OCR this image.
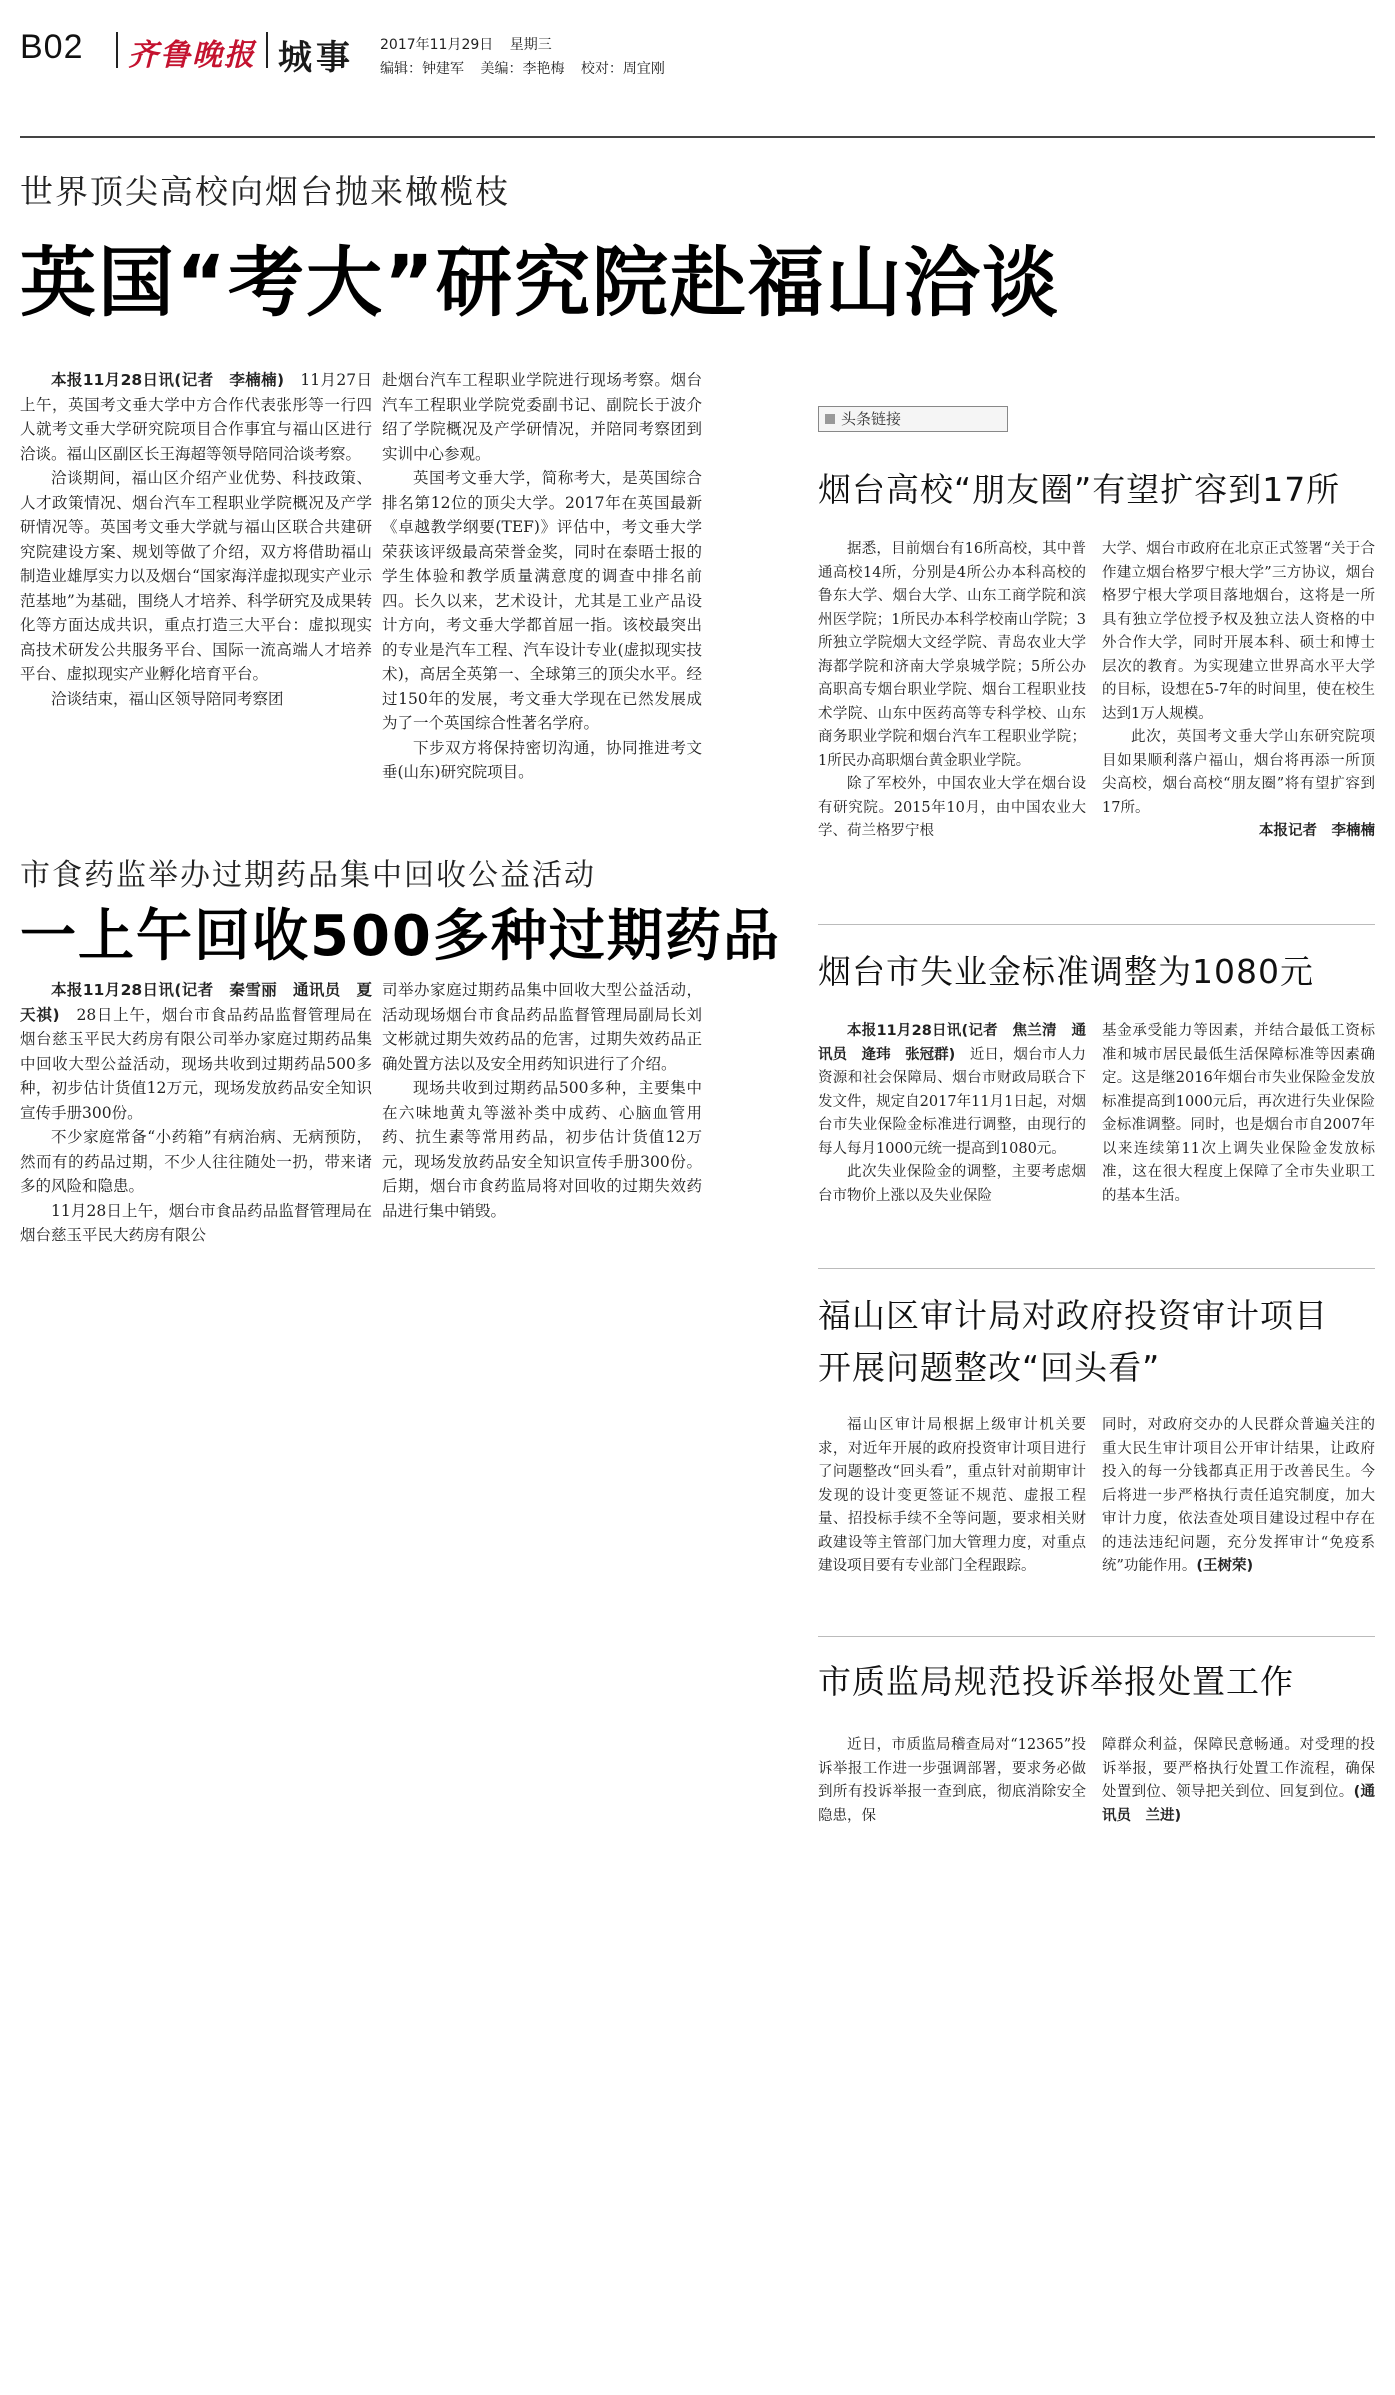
B02 齐鲁晚报 城事 2017年11月29日 星期三
编辑：钟建军 美编：李艳梅 校对：周宜刚
世界顶尖高校向烟台抛来橄榄枝
英国“考大”研究院赴福山洽谈

本报11月28日讯(记者　李楠楠)　 11月27日上午，英国考文垂大学中方合作代表张彤等一行四人就考文垂大学研究院项目合作事宜与福山区进行洽谈。福山区副区长王海超等领导陪同洽谈考察。

洽谈期间，福山区介绍产业优势、科技政策、人才政策情况、烟台汽车工程职业学院概况及产学研情况等。英国考文垂大学就与福山区联合共建研究院建设方案、规划等做了介绍，双方将借助福山制造业雄厚实力以及烟台“国家海洋虚拟现实产业示范基地”为基础，围绕人才培养、科学研究及成果转化等方面达成共识，重点打造三大平台：虚拟现实高技术研发公共服务平台、国际一流高端人才培养平台、虚拟现实产业孵化培育平台。

洽谈结束，福山区领导陪同考察团

赴烟台汽车工程职业学院进行现场考察。烟台汽车工程职业学院党委副书记、副院长于波介绍了学院概况及产学研情况，并陪同考察团到实训中心参观。

英国考文垂大学，简称考大，是英国综合排名第12位的顶尖大学。2017年在英国最新《卓越教学纲要(TEF)》评估中，考文垂大学荣获该评级最高荣誉金奖，同时在泰晤士报的学生体验和教学质量满意度的调查中排名前四。长久以来，艺术设计，尤其是工业产品设计方向，考文垂大学都首屈一指。该校最突出的专业是汽车工程、汽车设计专业(虚拟现实技术)，高居全英第一、全球第三的顶尖水平。经过150年的发展，考文垂大学现在已然发展成为了一个英国综合性著名学府。

下步双方将保持密切沟通，协同推进考文垂(山东)研究院项目。

市食药监举办过期药品集中回收公益活动
一上午回收500多种过期药品

本报11月28日讯(记者　秦雪丽　通讯员　夏天祺)　 28日上午，烟台市食品药品监督管理局在烟台慈玉平民大药房有限公司举办家庭过期药品集中回收大型公益活动，现场共收到过期药品500多种，初步估计货值12万元，现场发放药品安全知识宣传手册300份。

不少家庭常备“小药箱”有病治病、无病预防，然而有的药品过期，不少人往往随处一扔，带来诸多的风险和隐患。

11月28日上午，烟台市食品药品监督管理局在烟台慈玉平民大药房有限公

司举办家庭过期药品集中回收大型公益活动，活动现场烟台市食品药品监督管理局副局长刘文彬就过期失效药品的危害，过期失效药品正确处置方法以及安全用药知识进行了介绍。

现场共收到过期药品500多种，主要集中在六味地黄丸等滋补类中成药、心脑血管用药、抗生素等常用药品，初步估计货值12万元，现场发放药品安全知识宣传手册300份。后期，烟台市食药监局将对回收的过期失效药品进行集中销毁。

头条链接
烟台高校“朋友圈”有望扩容到17所

据悉，目前烟台有16所高校，其中普通高校14所，分别是4所公办本科高校的鲁东大学、烟台大学、山东工商学院和滨州医学院；1所民办本科学校南山学院；3所独立学院烟大文经学院、青岛农业大学海都学院和济南大学泉城学院；5所公办高职高专烟台职业学院、烟台工程职业技术学院、山东中医药高等专科学校、山东商务职业学院和烟台汽车工程职业学院；1所民办高职烟台黄金职业学院。

除了军校外，中国农业大学在烟台设有研究院。2015年10月，由中国农业大学、荷兰格罗宁根

大学、烟台市政府在北京正式签署“关于合作建立烟台格罗宁根大学”三方协议，烟台格罗宁根大学项目落地烟台，这将是一所具有独立学位授予权及独立法人资格的中外合作大学，同时开展本科、硕士和博士层次的教育。为实现建立世界高水平大学的目标，设想在5-7年的时间里，使在校生达到1万人规模。

此次，英国考文垂大学山东研究院项目如果顺利落户福山，烟台将再添一所顶尖高校，烟台高校“朋友圈”将有望扩容到17所。

本报记者　李楠楠

烟台市失业金标准调整为1080元

本报11月28日讯(记者　焦兰清　通讯员　逄玮　张冠群)　 近日，烟台市人力资源和社会保障局、烟台市财政局联合下发文件，规定自2017年11月1日起，对烟台市失业保险金标准进行调整，由现行的每人每月1000元统一提高到1080元。

此次失业保险金的调整，主要考虑烟台市物价上涨以及失业保险

基金承受能力等因素，并结合最低工资标准和城市居民最低生活保障标准等因素确定。这是继2016年烟台市失业保险金发放标准提高到1000元后，再次进行失业保险金标准调整。同时，也是烟台市自2007年以来连续第11次上调失业保险金发放标准，这在很大程度上保障了全市失业职工的基本生活。

福山区审计局对政府投资审计项目
开展问题整改“回头看”

福山区审计局根据上级审计机关要求，对近年开展的政府投资审计项目进行了问题整改“回头看”，重点针对前期审计发现的设计变更签证不规范、虚报工程量、招投标手续不全等问题，要求相关财政建设等主管部门加大管理力度，对重点建设项目要有专业部门全程跟踪。

同时，对政府交办的人民群众普遍关注的重大民生审计项目公开审计结果，让政府投入的每一分钱都真正用于改善民生。今后将进一步严格执行责任追究制度，加大审计力度，依法查处项目建设过程中存在的违法违纪问题，充分发挥审计“免疫系统”功能作用。(王树荣)

市质监局规范投诉举报处置工作

近日，市质监局稽查局对“12365”投诉举报工作进一步强调部署，要求务必做到所有投诉举报一查到底，彻底消除安全隐患，保

障群众利益，保障民意畅通。对受理的投诉举报，要严格执行处置工作流程，确保处置到位、领导把关到位、回复到位。(通讯员　兰进)
